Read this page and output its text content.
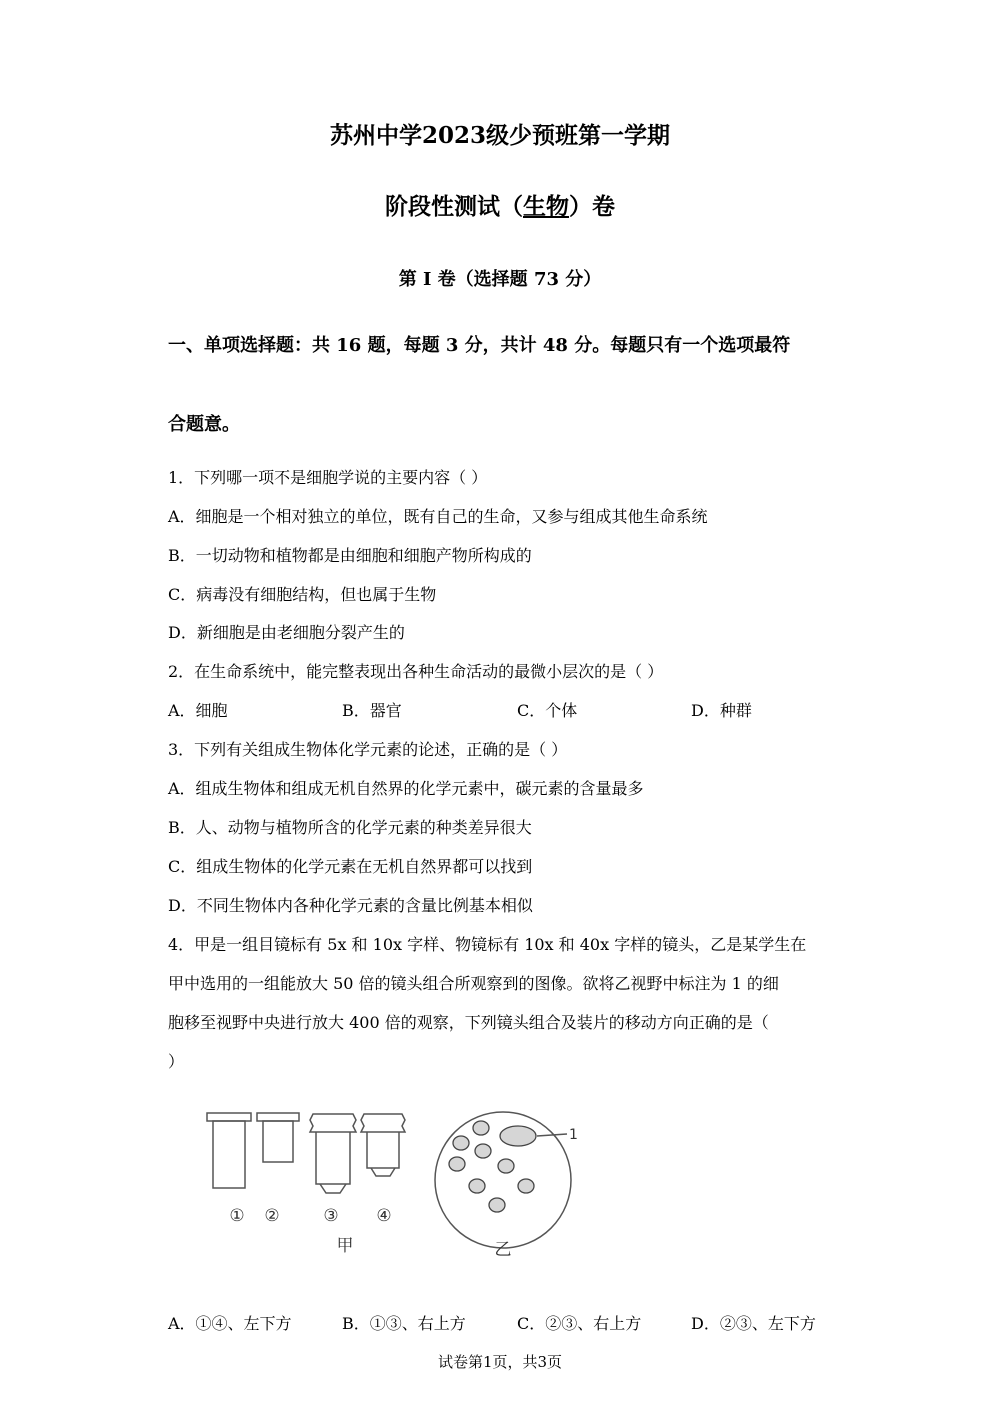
苏州中学2023级少预班第一学期
阶段性测试（生物）卷
第 I 卷（选择题 73 分）
一、单项选择题：共 16 题，每题 3 分，共计 48 分。每题只有一个选项最符
合题意。
1．下列哪一项不是细胞学说的主要内容（ ）
A．细胞是一个相对独立的单位，既有自己的生命，又参与组成其他生命系统
B．一切动物和植物都是由细胞和细胞产物所构成的
C．病毒没有细胞结构，但也属于生物
D．新细胞是由老细胞分裂产生的
2．在生命系统中，能完整表现出各种生命活动的最微小层次的是（ ）
A．细胞	B．器官	C．个体	D．种群
3．下列有关组成生物体化学元素的论述，正确的是（ ）
A．组成生物体和组成无机自然界的化学元素中，碳元素的含量最多
B．人、动物与植物所含的化学元素的种类差异很大
C．组成生物体的化学元素在无机自然界都可以找到
D．不同生物体内各种化学元素的含量比例基本相似
4．甲是一组目镜标有 5x 和 10x 字样、物镜标有 10x 和 40x 字样的镜头，乙是某学生在
甲中选用的一组能放大 50 倍的镜头组合所观察到的图像。欲将乙视野中标注为 1 的细
胞移至视野中央进行放大 400 倍的观察，下列镜头组合及装片的移动方向正确的是（
）
1
① ②	③ ④
甲	乙
A．①④、左下方	B．①③、右上方	C．②③、右上方	D．②③、左下方
试卷第1页，共3页
